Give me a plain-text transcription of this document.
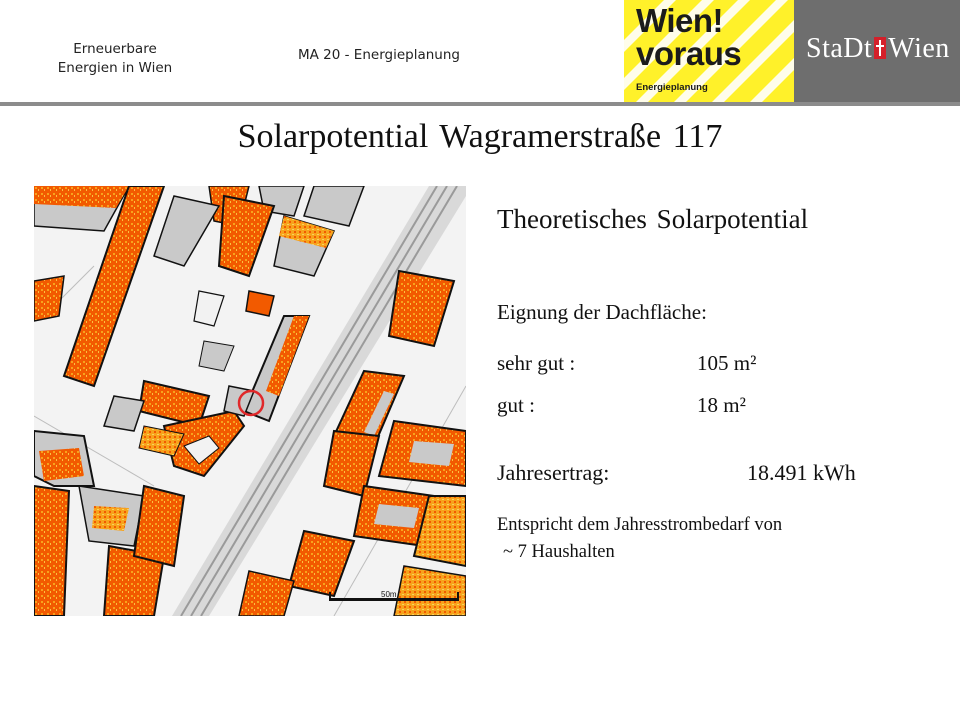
Erneuerbare
Energien in Wien
MA 20 - Energieplanung
Wien!
voraus
Energieplanung
StaDt Wien
Solarpotential Wagramerstraße 117
50m
Theoretisches Solarpotential
Eignung der Dachfläche:
sehr gut :	105 m²
gut :	18 m²
Jahresertrag:	18.491 kWh
Entspricht dem Jahresstrombedarf von
~ 7 Haushalten
